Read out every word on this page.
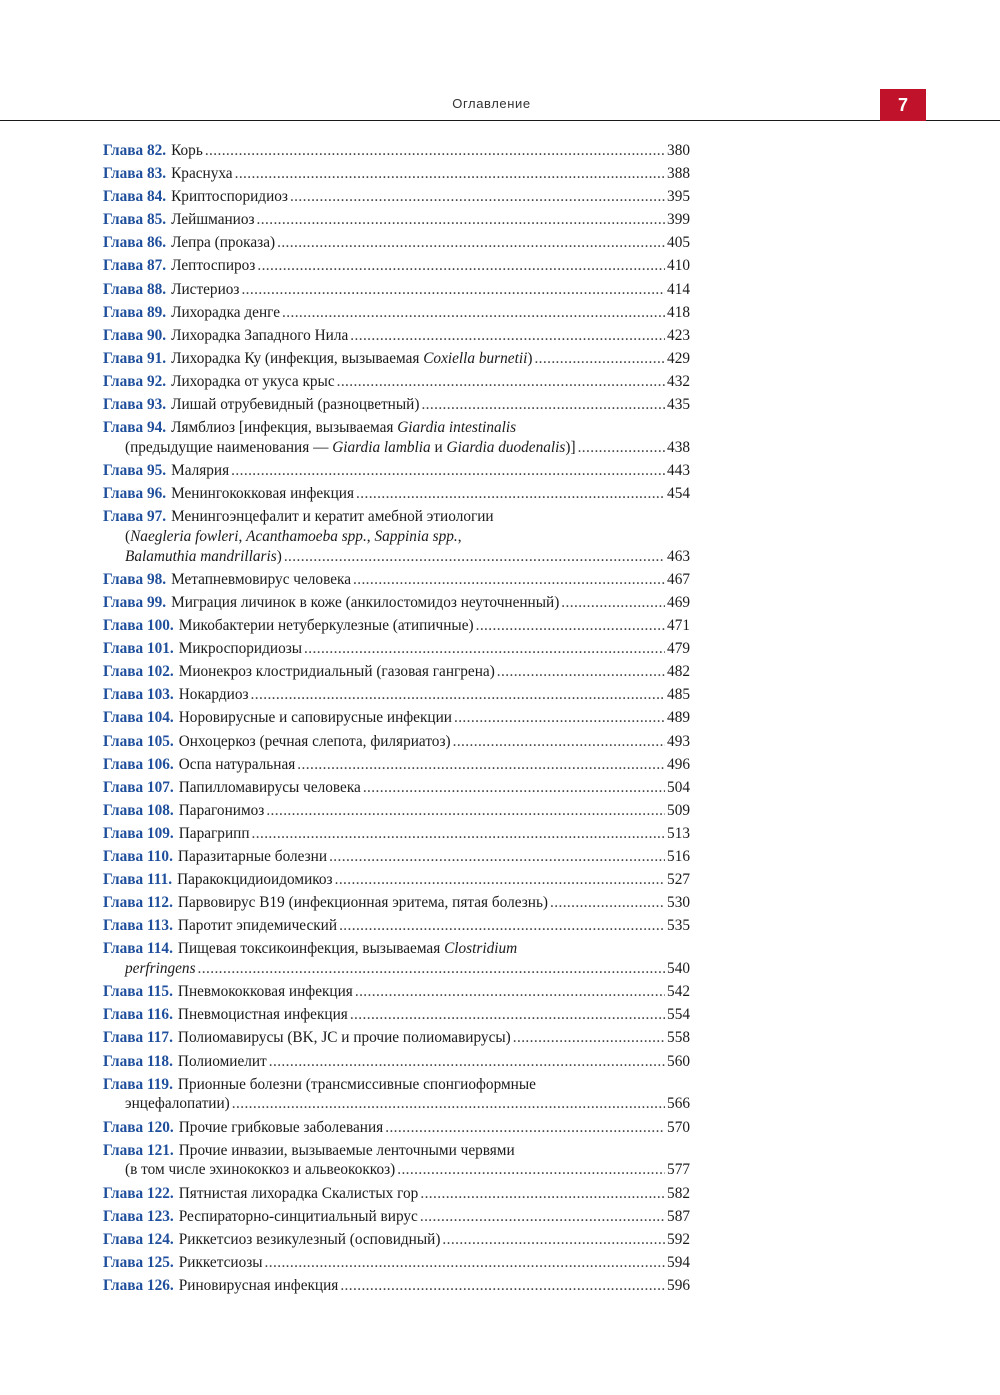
Оглавление	7
Глава 82. Корь .....	380
Глава 83. Краснуха .....	388
Глава 84. Криптоспоридиоз .....	395
Глава 85. Лейшманиоз .....	399
Глава 86. Лепра (проказа) .....	405
Глава 87. Лептоспироз .....	410
Глава 88. Листериоз .....	414
Глава 89. Лихорадка денге .....	418
Глава 90. Лихорадка Западного Нила .....	423
Глава 91. Лихорадка Ку (инфекция, вызываемая Coxiella burnetii) .....	429
Глава 92. Лихорадка от укуса крыс .....	432
Глава 93. Лишай отрубевидный (разноцветный) .....	435
Глава 94. Лямблиоз [инфекция, вызываемая Giardia intestinalis
(предыдущие наименования — Giardia lamblia и Giardia duodenalis)] .....	438
Глава 95. Малярия .....	443
Глава 96. Менингококковая инфекция .....	454
Глава 97. Менингоэнцефалит и кератит амебной этиологии
(Naegleria fowleri, Acanthamoeba spp., Sappinia spp.,
Balamuthia mandrillaris) .....	463
Глава 98. Метапневмовирус человека .....	467
Глава 99. Миграция личинок в коже (анкилостомидоз неуточненный) .....	469
Глава 100. Микобактерии нетуберкулезные (атипичные) .....	471
Глава 101. Микроспоридиозы .....	479
Глава 102. Мионекроз клостридиальный (газовая гангрена) .....	482
Глава 103. Нокардиоз .....	485
Глава 104. Норовирусные и саповирусные инфекции .....	489
Глава 105. Онхоцеркоз (речная слепота, филяриатоз) .....	493
Глава 106. Оспа натуральная .....	496
Глава 107. Папилломавирусы человека .....	504
Глава 108. Парагонимоз .....	509
Глава 109. Парагрипп .....	513
Глава 110. Паразитарные болезни .....	516
Глава 111. Паракокцидиоидомикоз .....	527
Глава 112. Парвовирус В19 (инфекционная эритема, пятая болезнь) .....	530
Глава 113. Паротит эпидемический .....	535
Глава 114. Пищевая токсикоинфекция, вызываемая Clostridium
perfringens .....	540
Глава 115. Пневмококковая инфекция .....	542
Глава 116. Пневмоцистная инфекция .....	554
Глава 117. Полиомавирусы (ВK, JC и прочие полиомавирусы) .....	558
Глава 118. Полиомиелит .....	560
Глава 119. Прионные болезни (трансмиссивные спонгиоформные
энцефалопатии) .....	566
Глава 120. Прочие грибковые заболевания .....	570
Глава 121. Прочие инвазии, вызываемые ленточными червями
(в том числе эхинококкоз и альвеококкоз) .....	577
Глава 122. Пятнистая лихорадка Скалистых гор .....	582
Глава 123. Респираторно-синцитиальный вирус .....	587
Глава 124. Риккетсиоз везикулезный (осповидный) .....	592
Глава 125. Риккетсиозы .....	594
Глава 126. Риновирусная инфекция .....	596
